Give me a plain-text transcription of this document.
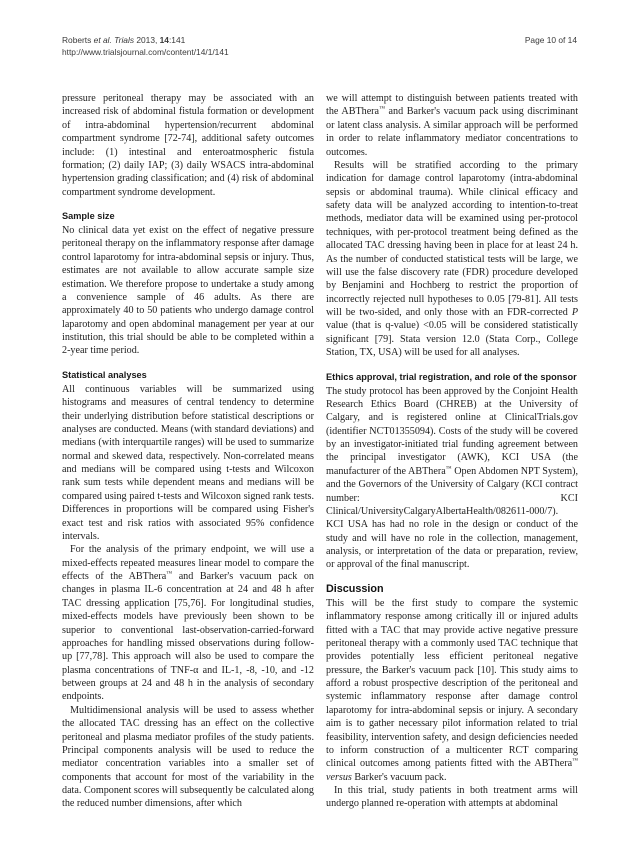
Roberts et al. Trials 2013, 14:141
http://www.trialsjournal.com/content/14/1/141
Page 10 of 14

pressure peritoneal therapy may be associated with an increased risk of abdominal fistula formation or development of intra-abdominal hypertension/recurrent abdominal compartment syndrome [72-74], additional safety outcomes include: (1) intestinal and enteroatmospheric fistula formation; (2) daily IAP; (3) daily WSACS intra-abdominal hypertension grading classification; and (4) risk of abdominal compartment syndrome development.

Sample size

No clinical data yet exist on the effect of negative pressure peritoneal therapy on the inflammatory response after damage control laparotomy for intra-abdominal sepsis or injury. Thus, estimates are not available to allow accurate sample size estimation. We therefore propose to undertake a study among a convenience sample of 46 adults. As there are approximately 40 to 50 patients who undergo damage control laparotomy and open abdominal management per year at our institution, this trial should be able to be completed within a 2-year time period.

Statistical analyses

All continuous variables will be summarized using histograms and measures of central tendency to determine their underlying distribution before statistical descriptions or analyses are conducted. Means (with standard deviations) and medians (with interquartile ranges) will be used to summarize normal and skewed data, respectively. Non-correlated means and medians will be compared using t-tests and Wilcoxon rank sum tests while dependent means and medians will be compared using paired t-tests and Wilcoxon signed rank tests. Differences in proportions will be compared using Fisher's exact test and risk ratios with associated 95% confidence intervals.

For the analysis of the primary endpoint, we will use a mixed-effects repeated measures linear model to compare the effects of the ABThera™ and Barker's vacuum pack on changes in plasma IL-6 concentration at 24 and 48 h after TAC dressing application [75,76]. For longitudinal studies, mixed-effects models have previously been shown to be superior to conventional last-observation-carried-forward approaches for handling missed observations during follow-up [77,78]. This approach will also be used to compare the plasma concentrations of TNF-α and IL-1, -8, -10, and -12 between groups at 24 and 48 h in the analysis of secondary endpoints.

Multidimensional analysis will be used to assess whether the allocated TAC dressing has an effect on the collective peritoneal and plasma mediator profiles of the study patients. Principal components analysis will be used to reduce the mediator concentration variables into a smaller set of components that account for most of the variability in the data. Component scores will subsequently be calculated along the reduced number dimensions, after which

we will attempt to distinguish between patients treated with the ABThera™ and Barker's vacuum pack using discriminant or latent class analysis. A similar approach will be performed in order to relate inflammatory mediator concentrations to outcomes.

Results will be stratified according to the primary indication for damage control laparotomy (intra-abdominal sepsis or abdominal trauma). While clinical efficacy and safety data will be analyzed according to intention-to-treat methods, mediator data will be examined using per-protocol techniques, with per-protocol treatment being defined as the allocated TAC dressing having been in place for at least 24 h. As the number of conducted statistical tests will be large, we will use the false discovery rate (FDR) procedure developed by Benjamini and Hochberg to restrict the proportion of incorrectly rejected null hypotheses to 0.05 [79-81]. All tests will be two-sided, and only those with an FDR-corrected P value (that is q-value) <0.05 will be considered statistically significant [79]. Stata version 12.0 (Stata Corp., College Station, TX, USA) will be used for all analyses.

Ethics approval, trial registration, and role of the sponsor

The study protocol has been approved by the Conjoint Health Research Ethics Board (CHREB) at the University of Calgary, and is registered online at ClinicalTrials.gov (identifier NCT01355094). Costs of the study will be covered by an investigator-initiated trial funding agreement between the principal investigator (AWK), KCI USA (the manufacturer of the ABThera™ Open Abdomen NPT System), and the Governors of the University of Calgary (KCI contract number: KCI Clinical/UniversityCalgaryAlbertaHealth/082611-000/7). KCI USA has had no role in the design or conduct of the study and will have no role in the collection, management, analysis, or interpretation of the data or preparation, review, or approval of the final manuscript.

Discussion

This will be the first study to compare the systemic inflammatory response among critically ill or injured adults fitted with a TAC that may provide active negative pressure peritoneal therapy with a commonly used TAC technique that provides potentially less efficient peritoneal negative pressure, the Barker's vacuum pack [10]. This study aims to afford a robust prospective description of the peritoneal and systemic inflammatory response after damage control laparotomy for intra-abdominal sepsis or injury. A secondary aim is to gather necessary pilot information related to trial feasibility, intervention safety, and design deficiencies needed to inform construction of a multicenter RCT comparing clinical outcomes among patients fitted with the ABThera™ versus Barker's vacuum pack.

In this trial, study patients in both treatment arms will undergo planned re-operation with attempts at abdominal
